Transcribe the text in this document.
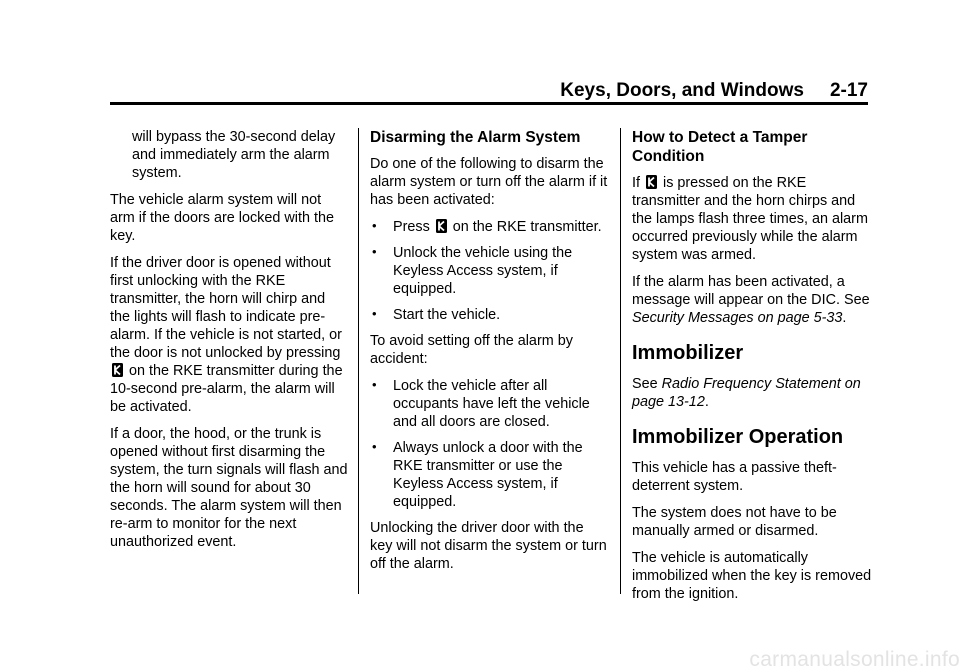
Keys, Doors, and Windows 2-17

will bypass the 30-second delay and immediately arm the alarm system.

The vehicle alarm system will not arm if the doors are locked with the key.

If the driver door is opened without first unlocking with the RKE transmitter, the horn will chirp and the lights will flash to indicate pre-alarm. If the vehicle is not started, or the door is not unlocked by pressing  on the RKE transmitter during the 10-second pre-alarm, the alarm will be activated.

If a door, the hood, or the trunk is opened without first disarming the system, the turn signals will flash and the horn will sound for about 30 seconds. The alarm system will then re-arm to monitor for the next unauthorized event.

Disarming the Alarm System

Do one of the following to disarm the alarm system or turn off the alarm if it has been activated:

• Press on the RKE transmitter.
• Unlock the vehicle using the Keyless Access system, if equipped.
• Start the vehicle.

To avoid setting off the alarm by accident:

• Lock the vehicle after all occupants have left the vehicle and all doors are closed.
• Always unlock a door with the RKE transmitter or use the Keyless Access system, if equipped.

Unlocking the driver door with the key will not disarm the system or turn off the alarm.

How to Detect a Tamper Condition

If is pressed on the RKE transmitter and the horn chirps and the lamps flash three times, an alarm occurred previously while the alarm system was armed.

If the alarm has been activated, a message will appear on the DIC. See Security Messages on page 5-33.

Immobilizer

See Radio Frequency Statement on page 13-12.

Immobilizer Operation

This vehicle has a passive theft-deterrent system.

The system does not have to be manually armed or disarmed.

The vehicle is automatically immobilized when the key is removed from the ignition.

carmanualsonline.info
